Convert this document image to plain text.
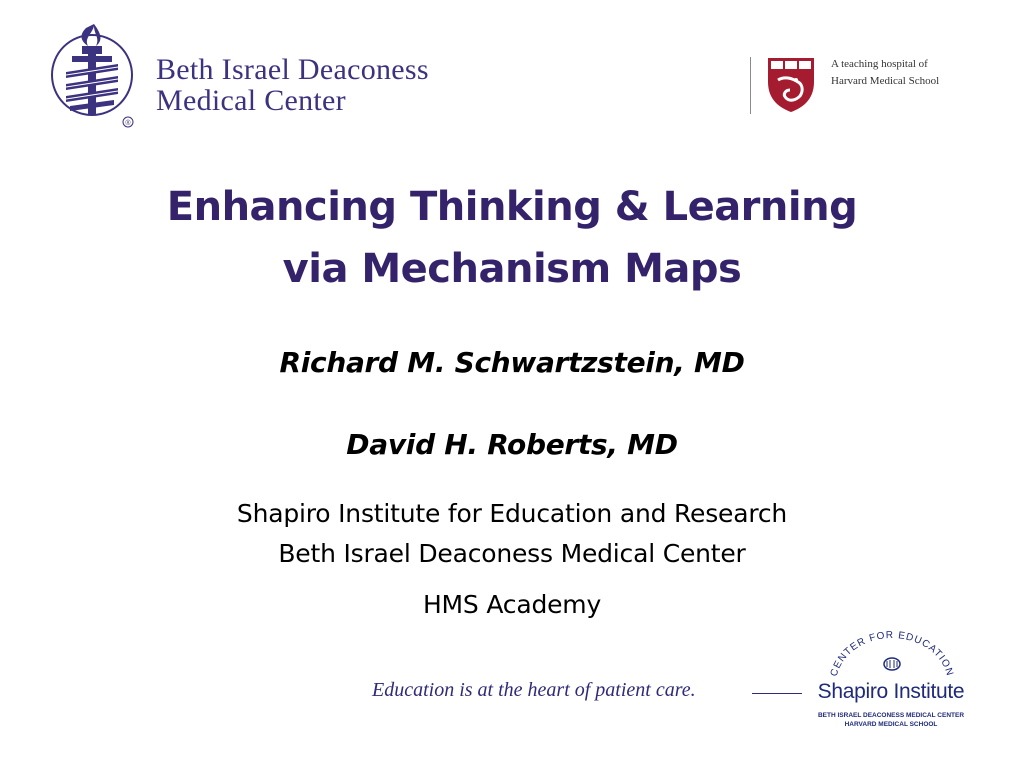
®
Beth Israel Deaconess
Medical Center
A teaching hospital of
Harvard Medical School
Enhancing Thinking & Learning
via Mechanism Maps
Richard M. Schwartzstein, MD
David H. Roberts, MD
Shapiro Institute for Education and Research
Beth Israel Deaconess Medical Center
HMS Academy
Education is at the heart of patient care.
CENTER FOR EDUCATION
Shapiro Institute
BETH ISRAEL DEACONESS MEDICAL CENTER
HARVARD MEDICAL SCHOOL
